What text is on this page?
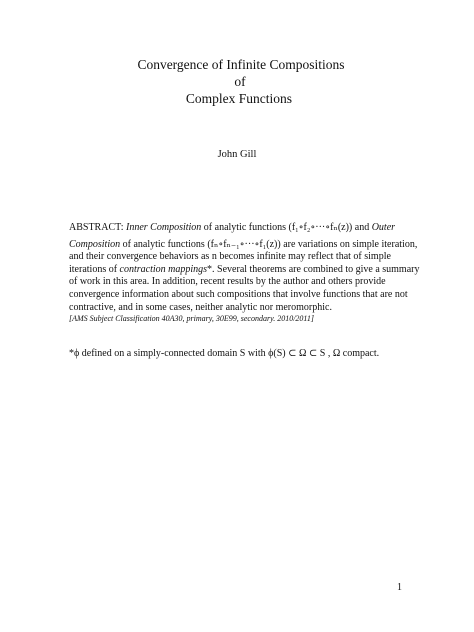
Convergence of Infinite Compositions
of
Complex Functions
John Gill
ABSTRACT: Inner Composition of analytic functions (f₁∘f₂∘···∘fₙ(z)) and Outer
Composition of analytic functions (fₙ∘fₙ₋₁∘···∘f₁(z)) are variations on simple iteration,
and their convergence behaviors as n becomes infinite may reflect that of simple
iterations of contraction mappings*. Several theorems are combined to give a summary
of work in this area. In addition, recent results by the author and others provide
convergence information about such compositions that involve functions that are not
contractive, and in some cases, neither analytic nor meromorphic.
[AMS Subject Classification 40A30, primary, 30E99, secondary. 2010/2011]
*ϕ defined on a simply-connected domain S with ϕ(S) ⊂ Ω ⊂ S , Ω compact.
1
